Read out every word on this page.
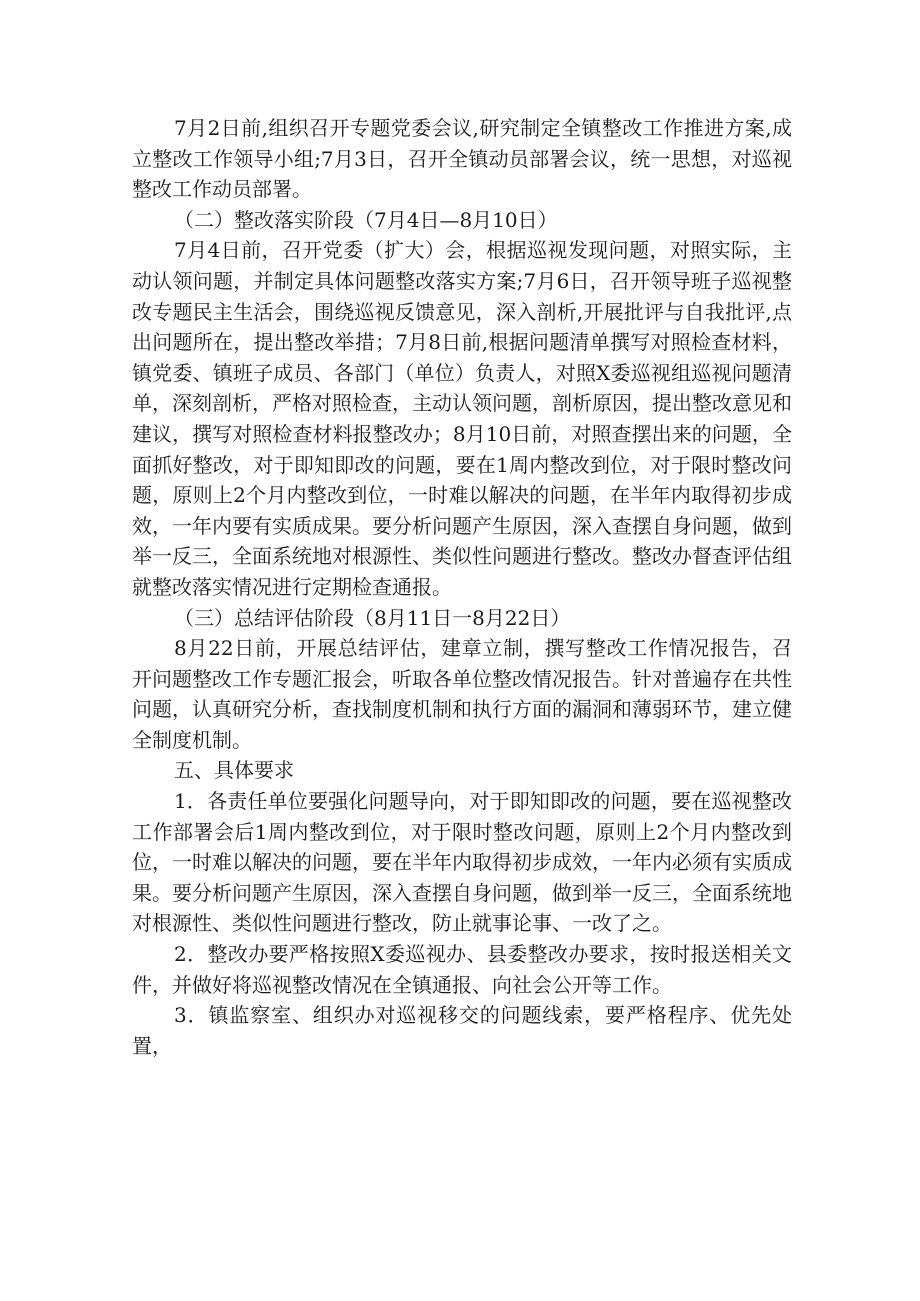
7月2日前,组织召开专题党委会议,研究制定全镇整改工作推进方案,成立整改工作领导小组;7月3日，召开全镇动员部署会议，统一思想，对巡视整改工作动员部署。

（二）整改落实阶段（7月4日—8月10日）

7月4日前，召开党委（扩大）会，根据巡视发现问题，对照实际，主动认领问题，并制定具体问题整改落实方案;7月6日，召开领导班子巡视整改专题民主生活会，围绕巡视反馈意见，深入剖析,开展批评与自我批评,点出问题所在，提出整改举措；7月8日前,根据问题清单撰写对照检查材料，镇党委、镇班子成员、各部门（单位）负责人，对照X委巡视组巡视问题清单，深刻剖析，严格对照检查，主动认领问题，剖析原因，提出整改意见和建议，撰写对照检查材料报整改办；8月10日前，对照查摆出来的问题，全面抓好整改，对于即知即改的问题，要在1周内整改到位，对于限时整改问题，原则上2个月内整改到位，一时难以解决的问题，在半年内取得初步成效，一年内要有实质成果。要分析问题产生原因，深入查摆自身问题，做到举一反三，全面系统地对根源性、类似性问题进行整改。整改办督查评估组就整改落实情况进行定期检查通报。

（三）总结评估阶段（8月11日一8月22日）

8月22日前，开展总结评估，建章立制，撰写整改工作情况报告，召开问题整改工作专题汇报会，听取各单位整改情况报告。针对普遍存在共性问题，认真研究分析，查找制度机制和执行方面的漏洞和薄弱环节，建立健全制度机制。

五、具体要求

1．各责任单位要强化问题导向，对于即知即改的问题，要在巡视整改工作部署会后1周内整改到位，对于限时整改问题，原则上2个月内整改到位，一时难以解决的问题，要在半年内取得初步成效，一年内必须有实质成果。要分析问题产生原因，深入查摆自身问题，做到举一反三，全面系统地对根源性、类似性问题进行整改，防止就事论事、一改了之。

2．整改办要严格按照X委巡视办、县委整改办要求，按时报送相关文件，并做好将巡视整改情况在全镇通报、向社会公开等工作。

3．镇监察室、组织办对巡视移交的问题线索，要严格程序、优先处置，
